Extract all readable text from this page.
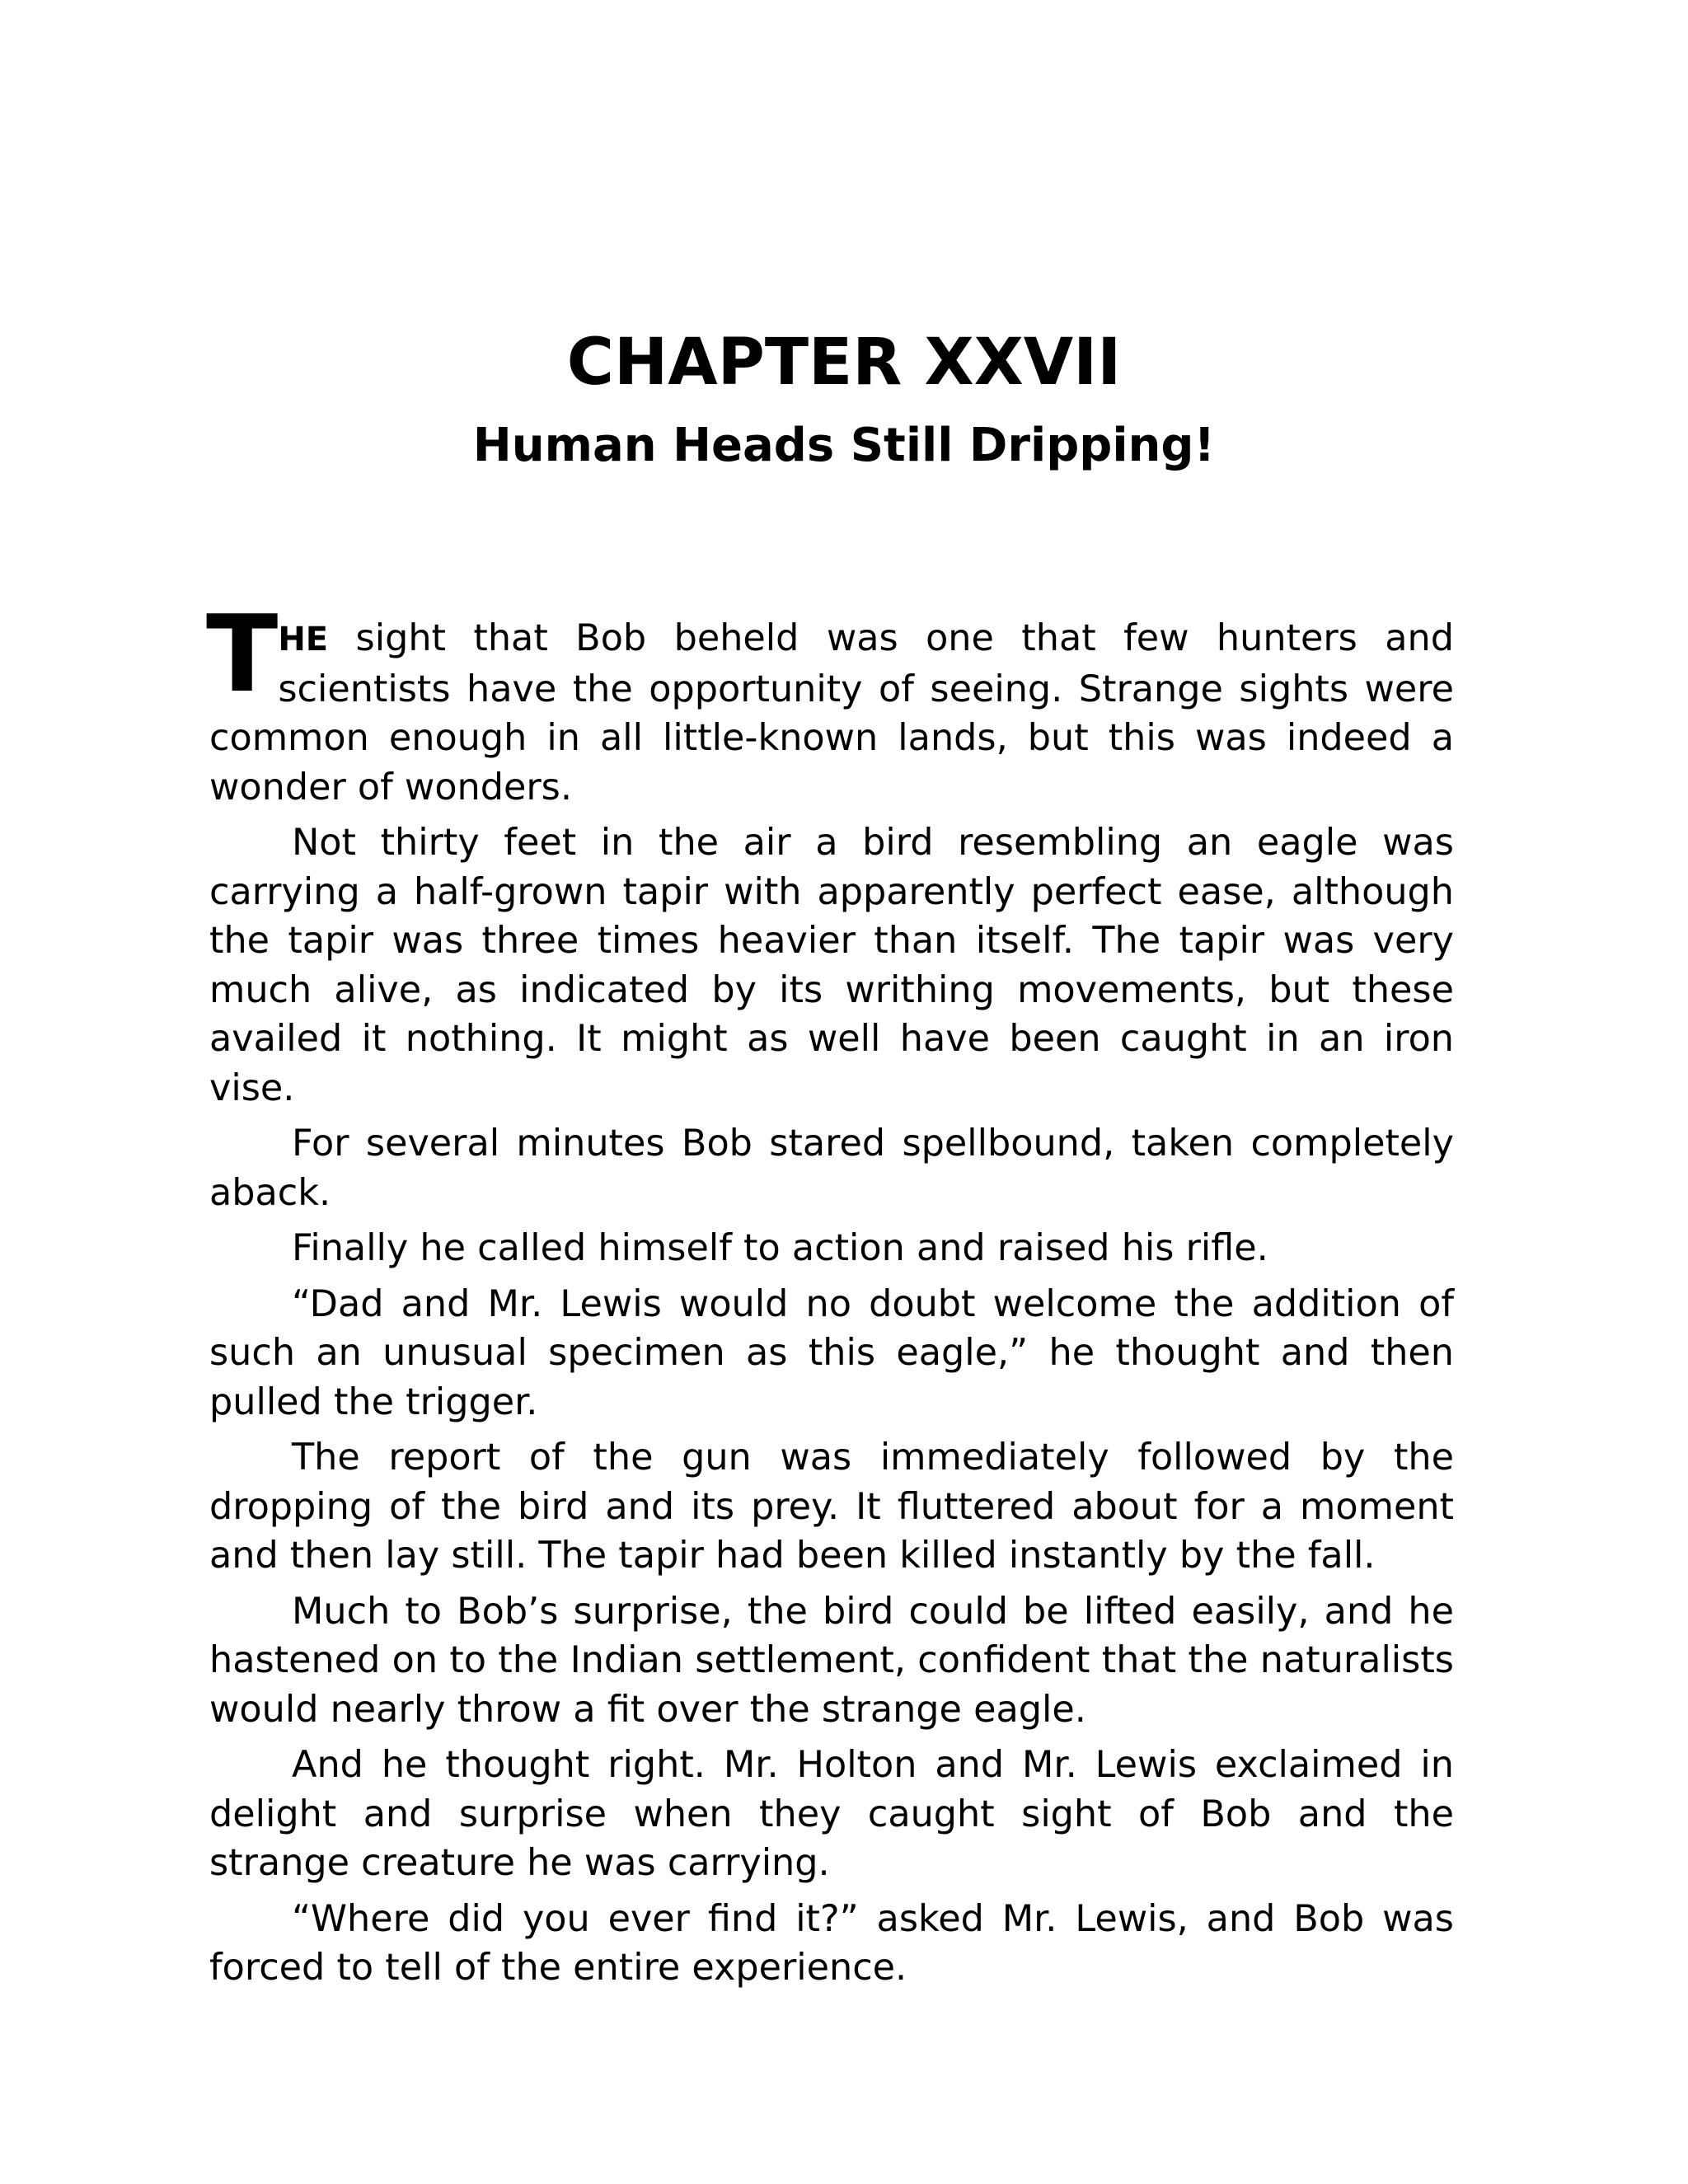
CHAPTER XXVII
Human Heads Still Dripping!

THE sight that Bob beheld was one that few hunters and scientists have the opportunity of seeing. Strange sights were common enough in all little-known lands, but this was indeed a wonder of wonders.

Not thirty feet in the air a bird resembling an eagle was carrying a half-grown tapir with apparently perfect ease, although the tapir was three times heavier than itself. The tapir was very much alive, as indicated by its writhing movements, but these availed it nothing. It might as well have been caught in an iron vise.

For several minutes Bob stared spellbound, taken completely aback.

Finally he called himself to action and raised his rifle.

“Dad and Mr. Lewis would no doubt welcome the addition of such an unusual specimen as this eagle,” he thought and then pulled the trigger.

The report of the gun was immediately followed by the dropping of the bird and its prey. It fluttered about for a moment and then lay still. The tapir had been killed instantly by the fall.

Much to Bob’s surprise, the bird could be lifted easily, and he hastened on to the Indian settlement, confident that the naturalists would nearly throw a fit over the strange eagle.

And he thought right. Mr. Holton and Mr. Lewis exclaimed in delight and surprise when they caught sight of Bob and the strange creature he was carrying.

“Where did you ever find it?” asked Mr. Lewis, and Bob was forced to tell of the entire experience.
